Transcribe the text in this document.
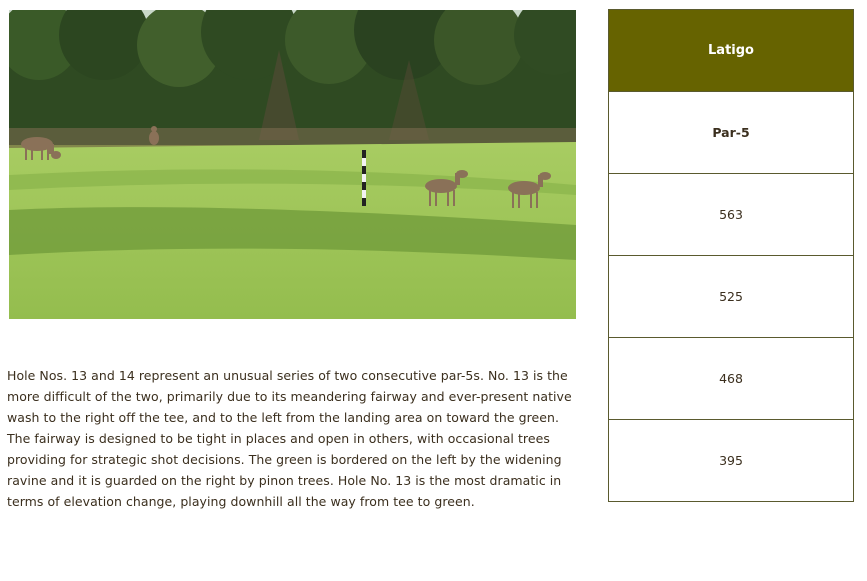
Hole Nos. 13 and 14 represent an unusual series of two consecutive par-5s. No. 13 is the more difficult of the two, primarily due to its meandering fairway and ever-present native wash to the right off the tee, and to the left from the landing area on toward the green. The fairway is designed to be tight in places and open in others, with occasional trees providing for strategic shot decisions. The green is bordered on the left by the widening ravine and it is guarded on the right by pinon trees. Hole No. 13 is the most dramatic in terms of elevation change, playing downhill all the way from tee to green.

Latigo
Par-5
563
525
468
395
